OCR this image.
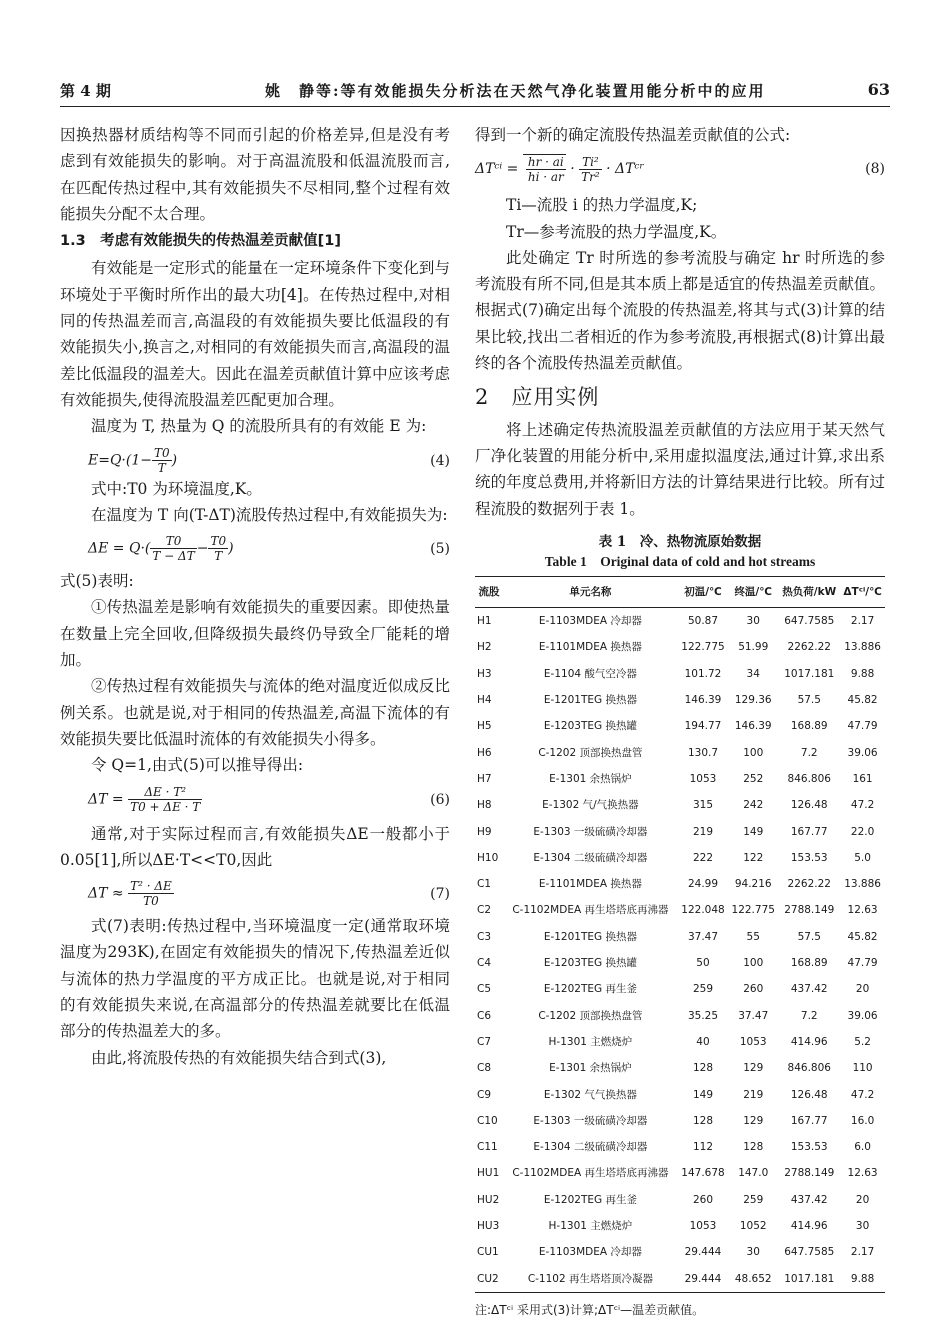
第 4 期	姚　静等:等有效能损失分析法在天然气净化装置用能分析中的应用	63

因换热器材质结构等不同而引起的价格差异,但是没有考虑到有效能损失的影响。对于高温流股和低温流股而言,在匹配传热过程中,其有效能损失不尽相同,整个过程有效能损失分配不太合理。

1.3　考虑有效能损失的传热温差贡献值[1]

有效能是一定形式的能量在一定环境条件下变化到与环境处于平衡时所作出的最大功[4]。在传热过程中,对相同的传热温差而言,高温段的有效能损失要比低温段的有效能损失小,换言之,对相同的有效能损失而言,高温段的温差比低温段的温差大。因此在温差贡献值计算中应该考虑有效能损失,使得流股温差匹配更加合理。

温度为 T, 热量为 Q 的流股所具有的有效能 E 为:

$E=Q\cdot(1- \frac{T0}{T}$ )	(4)

式中:T0 为环境温度,K。

在温度为 T 向(T-ΔT)流股传热过程中,有效能损失为:

$\Delta E = Q\cdot( \frac{T0}{T - \Delta T} - \frac{T0}{T}$ )	(5)

式(5)表明:

①传热温差是影响有效能损失的重要因素。即使热量在数量上完全回收,但降级损失最终仍导致全厂能耗的增加。

②传热过程有效能损失与流体的绝对温度近似成反比例关系。也就是说,对于相同的传热温差,高温下流体的有效能损失要比低温时流体的有效能损失小得多。

令 Q=1,由式(5)可以推导得出:

$\Delta T = \frac{\text{ΔE · T²}}{T0 + \Delta E \cdot T}$	(6)

通常,对于实际过程而言,有效能损失ΔE一般都小于0.05[1],所以ΔE·T<<T0,因此

$\Delta T \approx \frac{\text{T² · ΔE}}{T0}$	(7)

式(7)表明:传热过程中,当环境温度一定(通常取环境温度为293K),在固定有效能损失的情况下,传热温差近似与流体的热力学温度的平方成正比。也就是说,对于相同的有效能损失来说,在高温部分的传热温差就要比在低温部分的传热温差大的多。

由此,将流股传热的有效能损失结合到式(3),

得到一个新的确定流股传热温差贡献值的公式:

ΔTᶜⁱ = $\frac{hr \cdot ai}{hi \cdot ar} \cdot \frac{\text{Ti²}}{\text{Tr²}}$ · ΔTᶜʳ	(8)

Ti—流股 i 的热力学温度,K;

Tr—参考流股的热力学温度,K。

此处确定 Tr 时所选的参考流股与确定 hr 时所选的参考流股有所不同,但是其本质上都是适宜的传热温差贡献值。根据式(7)确定出每个流股的传热温差,将其与式(3)计算的结果比较,找出二者相近的作为参考流股,再根据式(8)计算出最终的各个流股传热温差贡献值。

2　应用实例

将上述确定传热流股温差贡献值的方法应用于某天然气厂净化装置的用能分析中,采用虚拟温度法,通过计算,求出系统的年度总费用,并将新旧方法的计算结果进行比较。所有过程流股的数据列于表 1。

表 1　冷、热物流原始数据
Table 1　Original data of cold and hot streams
流股	单元名称	初温/℃	终温/℃	热负荷/kW	ΔTᶜⁱ/℃
H1	E-1103MDEA 冷却器	50.87	30	647.7585	2.17
H2	E-1101MDEA 换热器	122.775	51.99	2262.22	13.886
H3	E-1104 酸气空冷器	101.72	34	1017.181	9.88
H4	E-1201TEG 换热器	146.39	129.36	57.5	45.82
H5	E-1203TEG 换热罐	194.77	146.39	168.89	47.79
H6	C-1202 顶部换热盘管	130.7	100	7.2	39.06
H7	E-1301 余热锅炉	1053	252	846.806	161
H8	E-1302 气/气换热器	315	242	126.48	47.2
H9	E-1303 一级硫磺冷却器	219	149	167.77	22.0
H10	E-1304 二级硫磺冷却器	222	122	153.53	5.0
C1	E-1101MDEA 换热器	24.99	94.216	2262.22	13.886
C2	C-1102MDEA 再生塔塔底再沸器	122.048	122.775	2788.149	12.63
C3	E-1201TEG 换热器	37.47	55	57.5	45.82
C4	E-1203TEG 换热罐	50	100	168.89	47.79
C5	E-1202TEG 再生釜	259	260	437.42	20
C6	C-1202 顶部换热盘管	35.25	37.47	7.2	39.06
C7	H-1301 主燃烧炉	40	1053	414.96	5.2
C8	E-1301 余热锅炉	128	129	846.806	110
C9	E-1302 气气换热器	149	219	126.48	47.2
C10	E-1303 一级硫磺冷却器	128	129	167.77	16.0
C11	E-1304 二级硫磺冷却器	112	128	153.53	6.0
HU1	C-1102MDEA 再生塔塔底再沸器	147.678	147.0	2788.149	12.63
HU2	E-1202TEG 再生釜	260	259	437.42	20
HU3	H-1301 主燃烧炉	1053	1052	414.96	30
CU1	E-1103MDEA 冷却器	29.444	30	647.7585	2.17
CU2	C-1102 再生塔塔顶冷凝器	29.444	48.652	1017.181	9.88
注:ΔTᶜⁱ 采用式(3)计算;ΔTᶜⁱ—温差贡献值。
